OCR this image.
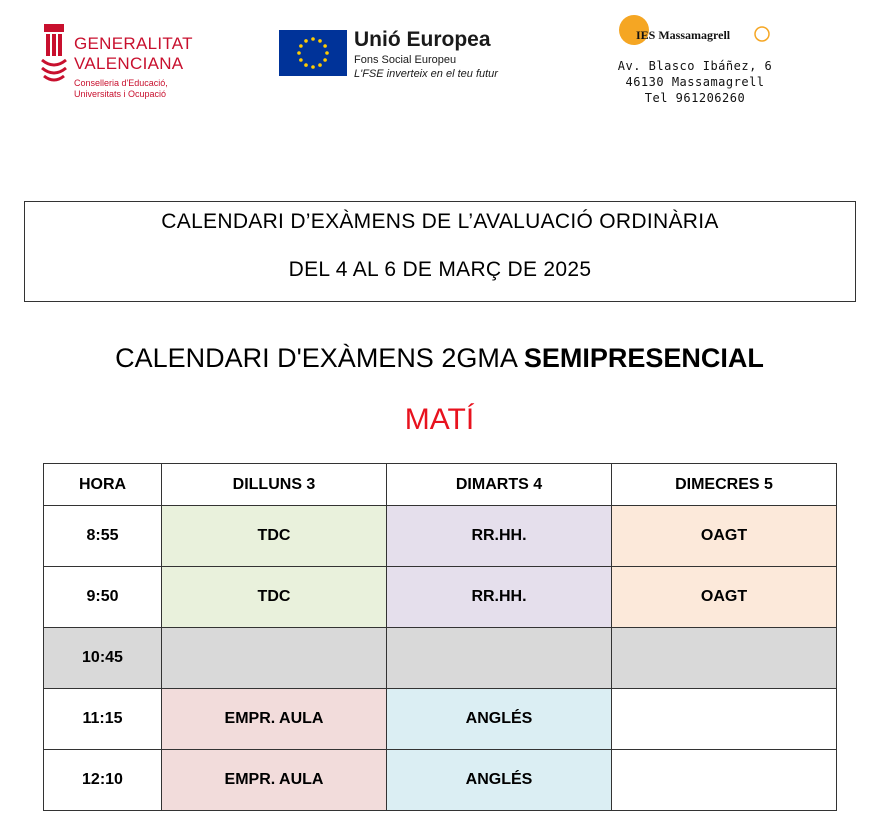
GENERALITAT
VALENCIANA
Conselleria d'Educació,
Universitats i Ocupació
Unió Europea
Fons Social Europeu
L'FSE inverteix en el teu futur
IES Massamagrell
Av. Blasco Ibáñez, 6
46130 Massamagrell
Tel 961206260
CALENDARI D’EXÀMENS DE L’AVALUACIÓ ORDINÀRIA
DEL 4 AL 6 DE MARÇ DE 2025
CALENDARI D'EXÀMENS 2GMA SEMIPRESENCIAL
MATÍ
HORA	DILLUNS 3	DIMARTS 4	DIMECRES 5
8:55	TDC	RR.HH.	OAGT
9:50	TDC	RR.HH.	OAGT
10:45			
11:15	EMPR. AULA	ANGLÉS	
12:10	EMPR. AULA	ANGLÉS	
